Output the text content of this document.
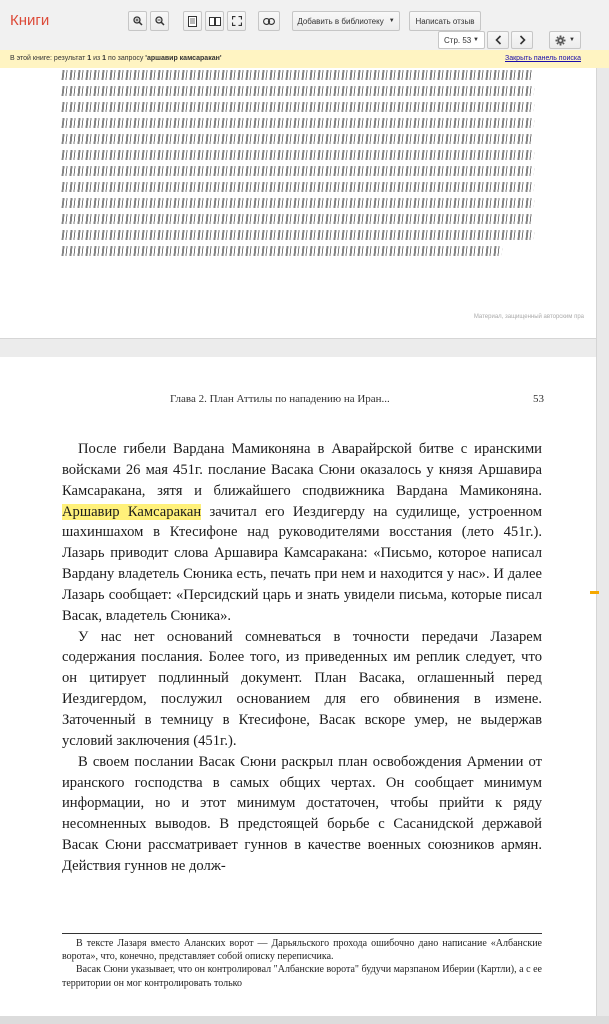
Книги	Добавить в библиотеку ▼	Написать отзыв
Стр. 53 ▼	▼
В этой книге: результат 1 из 1 по запросу 'аршавир камсаракан'	Закрыть панель поиска
Материал, защищенный авторским пра
Глава 2. План Аттилы по нападению на Иран...	53

После гибели Вардана Мамиконяна в Аварайрской битве с иранскими войсками 26 мая 451г. послание Васака Сюни оказалось у князя Аршавира Камсаракана, зятя и ближайшего сподвижника Вардана Мамиконяна. Аршавир Камсаракан зачитал его Иездигерду на судилище, устроенном шахиншахом в Ктесифоне над руководителями восстания (лето 451г.). Лазарь приводит слова Аршавира Камсаракана: «Письмо, которое написал Вардану владетель Сюника есть, печать при нем и находится у нас». И далее Лазарь сообщает: «Персидский царь и знать увидели письма, которые писал Васак, владетель Сюника».

У нас нет оснований сомневаться в точности передачи Лазарем содержания послания. Более того, из приведенных им реплик следует, что он цитирует подлинный документ. План Васака, оглашенный перед Иездигердом, послужил основанием для его обвинения в измене. Заточенный в темницу в Ктесифоне, Васак вскоре умер, не выдержав условий заключения (451г.).

В своем послании Васак Сюни раскрыл план освобождения Армении от иранского господства в самых общих чертах. Он сообщает минимум информации, но и этот минимум достаточен, чтобы прийти к ряду несомненных выводов. В предстоящей борьбе с Сасанидской державой Васак Сюни рассматривает гуннов в качестве военных союзников армян. Действия гуннов не долж-

В тексте Лазаря вместо Аланских ворот — Дарьяльского прохода ошибочно дано написание «Албанские ворота», что, конечно, представляет собой описку переписчика.

Васак Сюни указывает, что он контролировал "Албанские ворота" будучи марзпаном Иберии (Картли), а с ее территории он мог контролировать только
